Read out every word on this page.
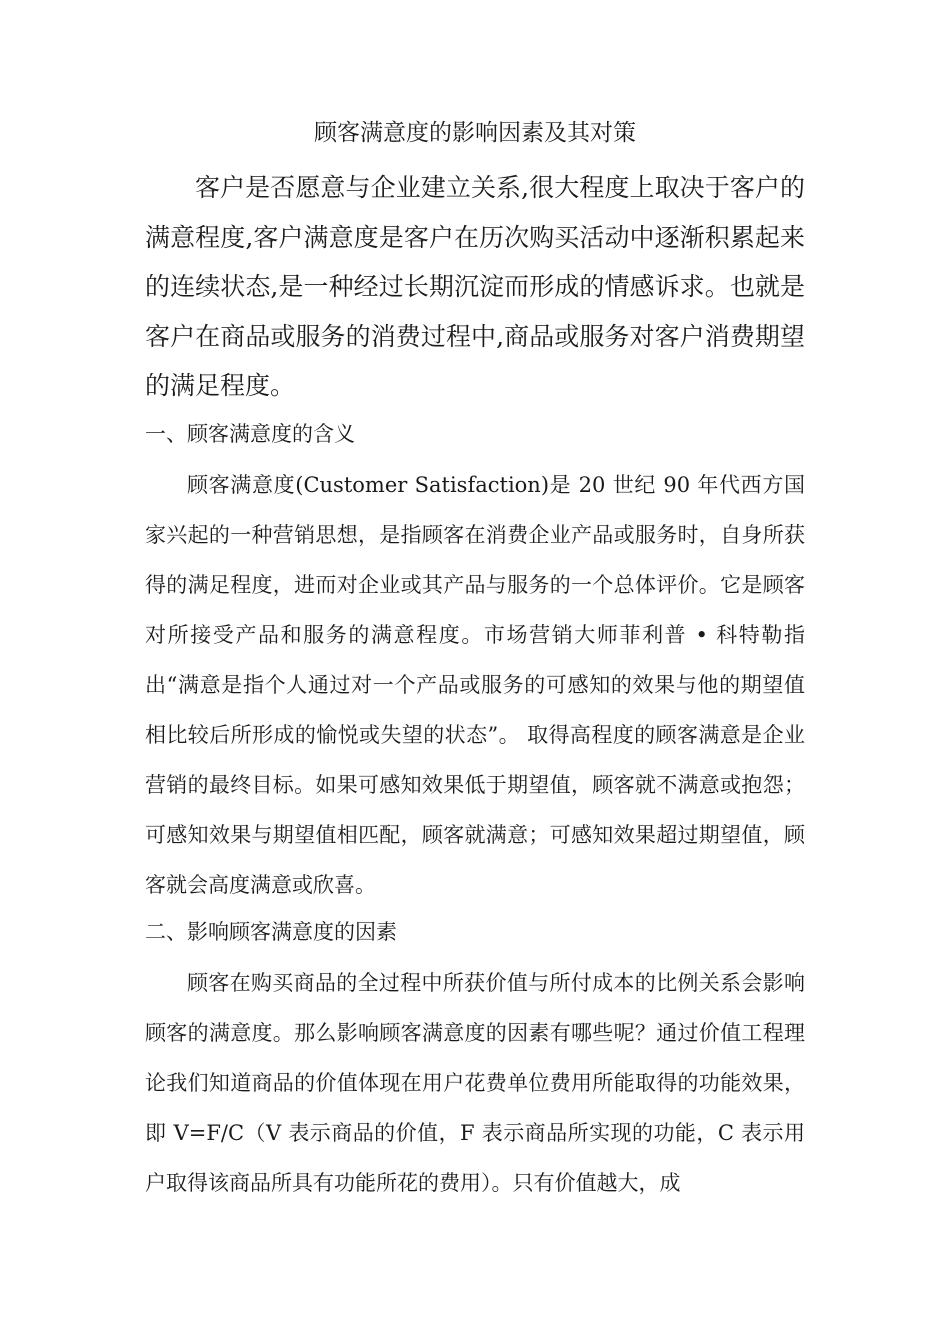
顾客满意度的影响因素及其对策

客户是否愿意与企业建立关系,很大程度上取决于客户的满意程度,客户满意度是客户在历次购买活动中逐渐积累起来的连续状态,是一种经过长期沉淀而形成的情感诉求。也就是客户在商品或服务的消费过程中,商品或服务对客户消费期望的满足程度。

一、顾客满意度的含义

顾客满意度(Customer Satisfaction)是 20 世纪 90 年代西方国家兴起的一种营销思想，是指顾客在消费企业产品或服务时，自身所获得的满足程度，进而对企业或其产品与服务的一个总体评价。它是顾客对所接受产品和服务的满意程度。市场营销大师菲利普 • 科特勒指出“满意是指个人通过对一个产品或服务的可感知的效果与他的期望值相比较后所形成的愉悦或失望的状态”。 取得高程度的顾客满意是企业营销的最终目标。如果可感知效果低于期望值，顾客就不满意或抱怨；可感知效果与期望值相匹配，顾客就满意；可感知效果超过期望值，顾客就会高度满意或欣喜。

二、影响顾客满意度的因素

顾客在购买商品的全过程中所获价值与所付成本的比例关系会影响顾客的满意度。那么影响顾客满意度的因素有哪些呢？通过价值工程理论我们知道商品的价值体现在用户花费单位费用所能取得的功能效果，即 V=F/C（V 表示商品的价值，F 表示商品所实现的功能，C 表示用户取得该商品所具有功能所花的费用）。只有价值越大，成
